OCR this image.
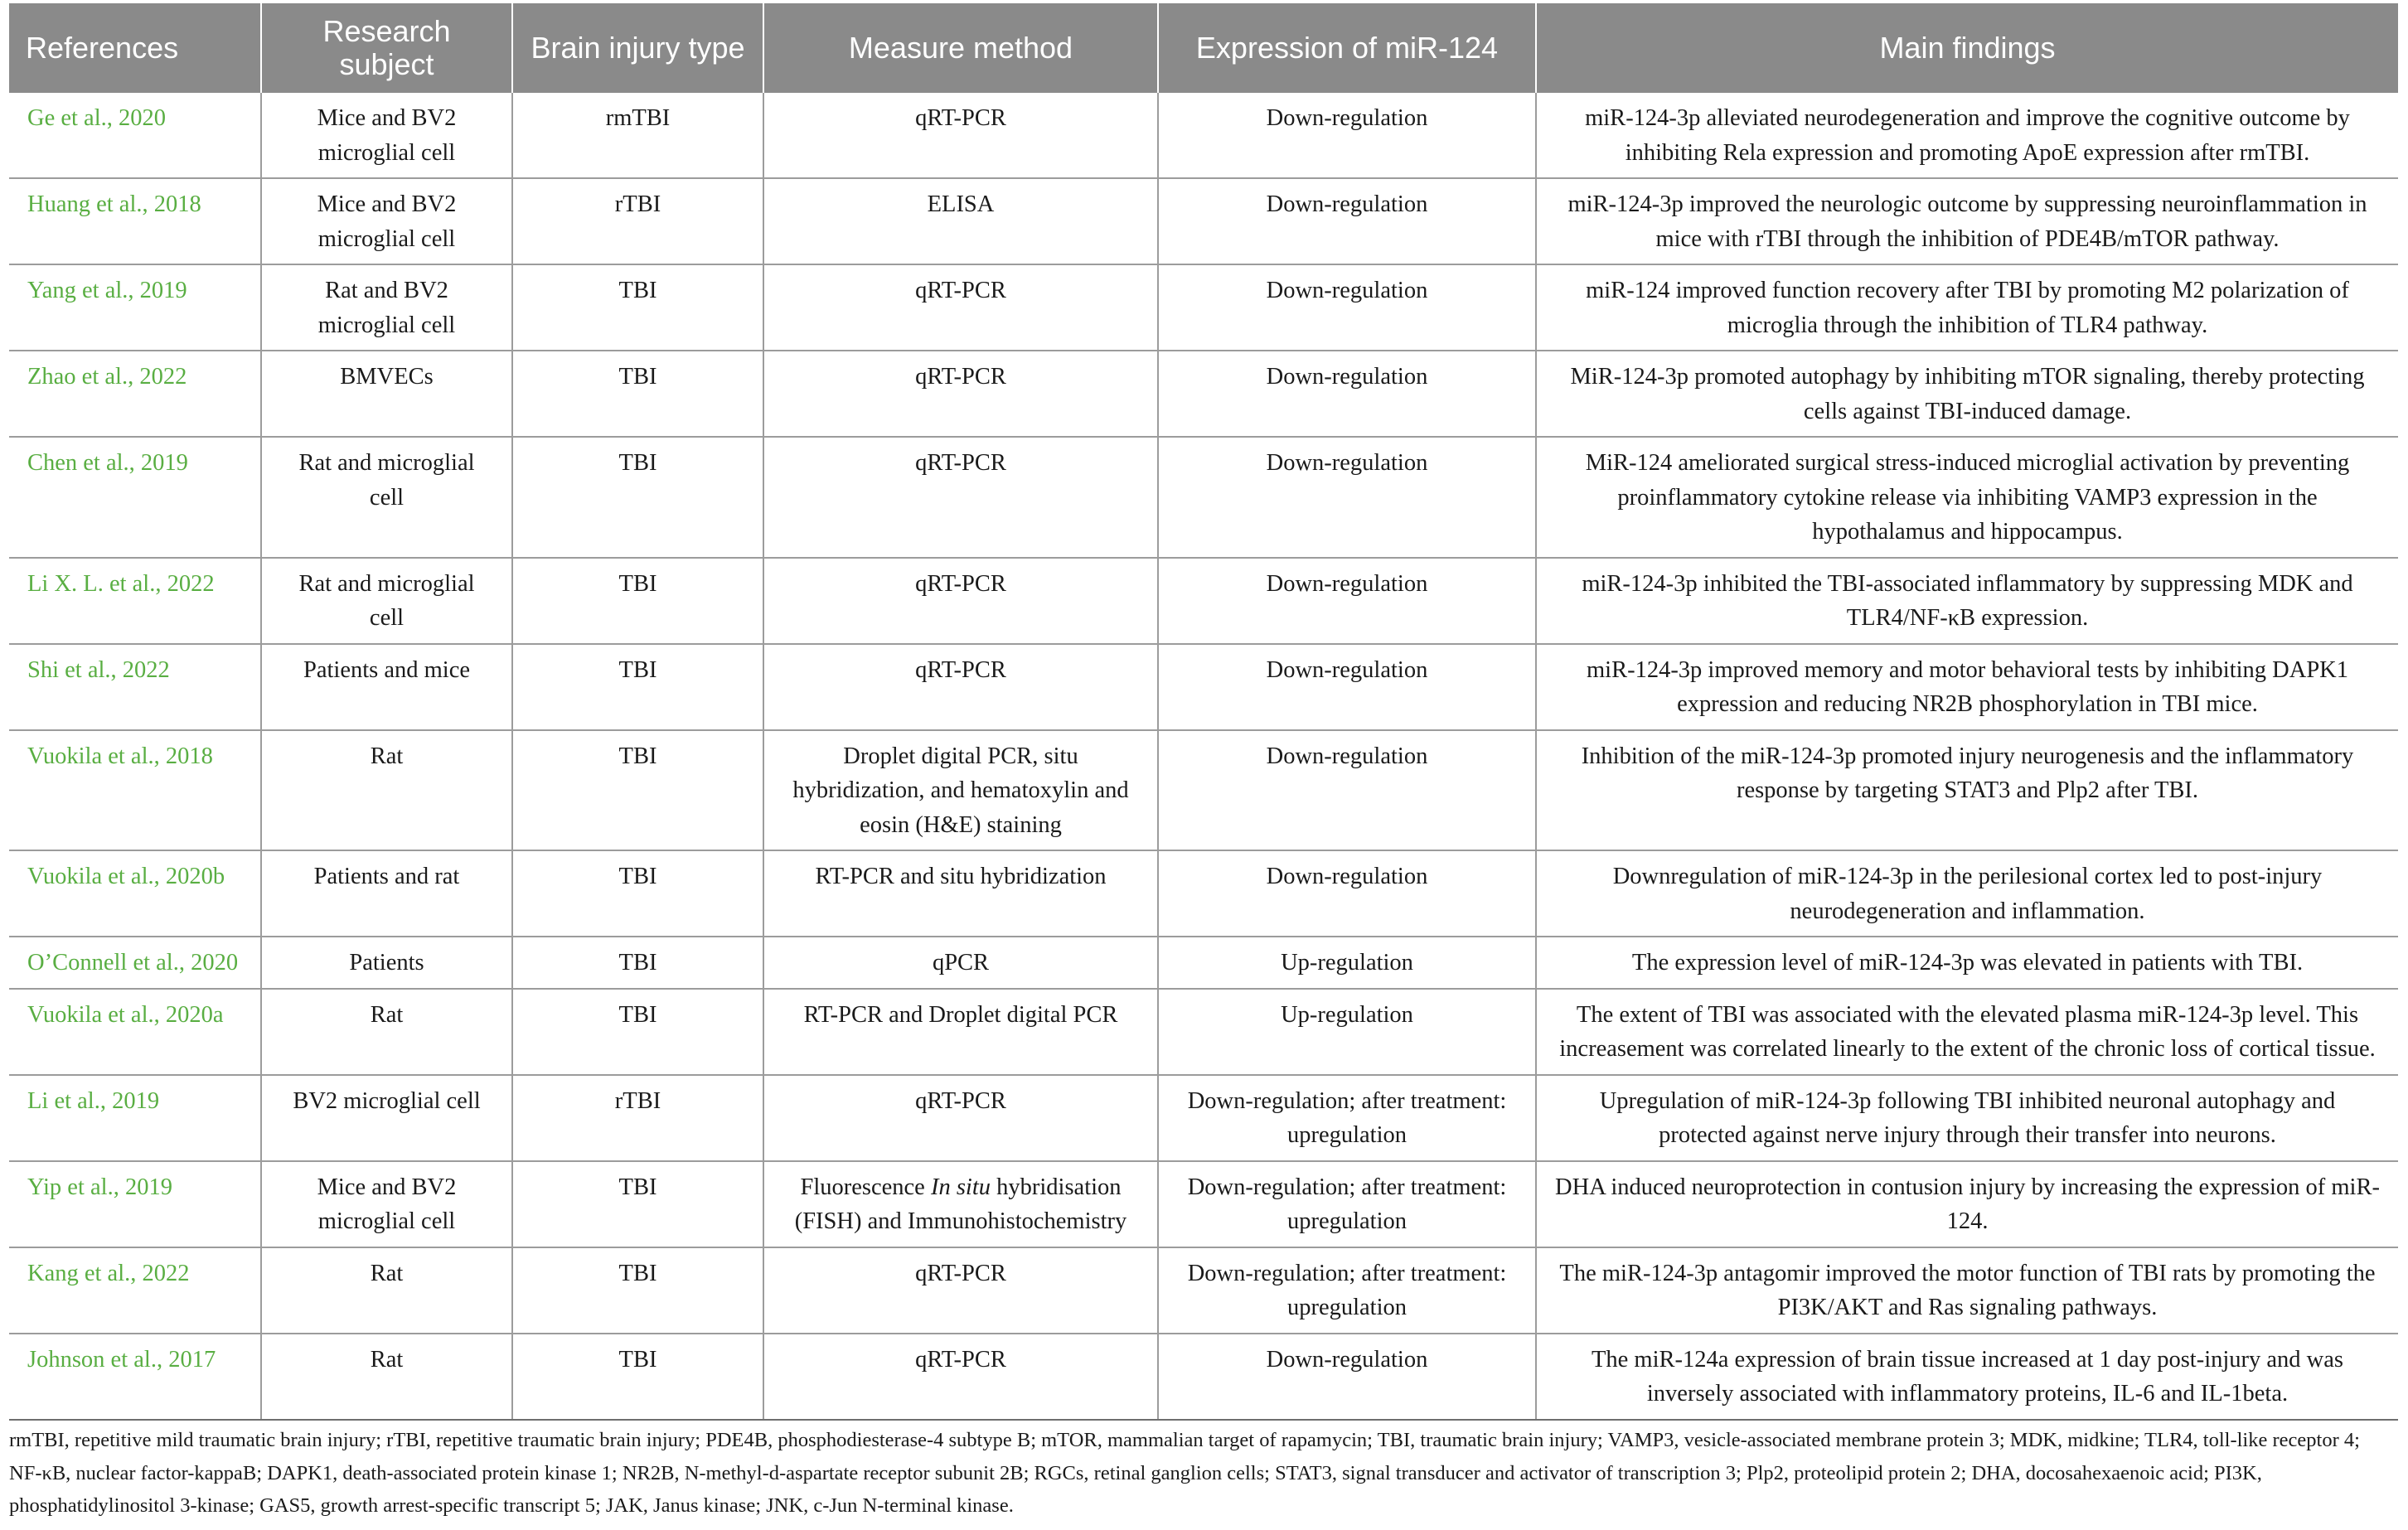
References	Research subject	Brain injury type	Measure method	Expression of miR-124	Main findings
Ge et al., 2020	Mice and BV2 microglial cell	rmTBI	qRT-PCR	Down-regulation	miR-124-3p alleviated neurodegeneration and improve the cognitive outcome by inhibiting Rela expression and promoting ApoE expression after rmTBI.
Huang et al., 2018	Mice and BV2 microglial cell	rTBI	ELISA	Down-regulation	miR-124-3p improved the neurologic outcome by suppressing neuroinflammation in mice with rTBI through the inhibition of PDE4B/mTOR pathway.
Yang et al., 2019	Rat and BV2 microglial cell	TBI	qRT-PCR	Down-regulation	miR-124 improved function recovery after TBI by promoting M2 polarization of microglia through the inhibition of TLR4 pathway.
Zhao et al., 2022	BMVECs	TBI	qRT-PCR	Down-regulation	MiR-124-3p promoted autophagy by inhibiting mTOR signaling, thereby protecting cells against TBI-induced damage.
Chen et al., 2019	Rat and microglial cell	TBI	qRT-PCR	Down-regulation	MiR-124 ameliorated surgical stress-induced microglial activation by preventing proinflammatory cytokine release via inhibiting VAMP3 expression in the hypothalamus and hippocampus.
Li X. L. et al., 2022	Rat and microglial cell	TBI	qRT-PCR	Down-regulation	miR-124-3p inhibited the TBI-associated inflammatory by suppressing MDK and TLR4/NF-κB expression.
Shi et al., 2022	Patients and mice	TBI	qRT-PCR	Down-regulation	miR-124-3p improved memory and motor behavioral tests by inhibiting DAPK1 expression and reducing NR2B phosphorylation in TBI mice.
Vuokila et al., 2018	Rat	TBI	Droplet digital PCR, situ hybridization, and hematoxylin and eosin (H&E) staining	Down-regulation	Inhibition of the miR-124-3p promoted injury neurogenesis and the inflammatory response by targeting STAT3 and Plp2 after TBI.
Vuokila et al., 2020b	Patients and rat	TBI	RT-PCR and situ hybridization	Down-regulation	Downregulation of miR-124-3p in the perilesional cortex led to post-injury neurodegeneration and inflammation.
O’Connell et al., 2020	Patients	TBI	qPCR	Up-regulation	The expression level of miR-124-3p was elevated in patients with TBI.
Vuokila et al., 2020a	Rat	TBI	RT-PCR and Droplet digital PCR	Up-regulation	The extent of TBI was associated with the elevated plasma miR-124-3p level. This increasement was correlated linearly to the extent of the chronic loss of cortical tissue.
Li et al., 2019	BV2 microglial cell	rTBI	qRT-PCR	Down-regulation; after treatment: upregulation	Upregulation of miR-124-3p following TBI inhibited neuronal autophagy and protected against nerve injury through their transfer into neurons.
Yip et al., 2019	Mice and BV2 microglial cell	TBI	Fluorescence In situ hybridisation (FISH) and Immunohistochemistry	Down-regulation; after treatment: upregulation	DHA induced neuroprotection in contusion injury by increasing the expression of miR-124.
Kang et al., 2022	Rat	TBI	qRT-PCR	Down-regulation; after treatment: upregulation	The miR-124-3p antagomir improved the motor function of TBI rats by promoting the PI3K/AKT and Ras signaling pathways.
Johnson et al., 2017	Rat	TBI	qRT-PCR	Down-regulation	The miR-124a expression of brain tissue increased at 1 day post-injury and was inversely associated with inflammatory proteins, IL-6 and IL-1beta.
rmTBI, repetitive mild traumatic brain injury; rTBI, repetitive traumatic brain injury; PDE4B, phosphodiesterase-4 subtype B; mTOR, mammalian target of rapamycin; TBI, traumatic brain injury; VAMP3, vesicle-associated membrane protein 3; MDK, midkine; TLR4, toll-like receptor 4; NF-κB, nuclear factor-kappaB; DAPK1, death-associated protein kinase 1; NR2B, N-methyl-d-aspartate receptor subunit 2B; RGCs, retinal ganglion cells; STAT3, signal transducer and activator of transcription 3; Plp2, proteolipid protein 2; DHA, docosahexaenoic acid; PI3K, phosphatidylinositol 3-kinase; GAS5, growth arrest-specific transcript 5; JAK, Janus kinase; JNK, c-Jun N-terminal kinase.
